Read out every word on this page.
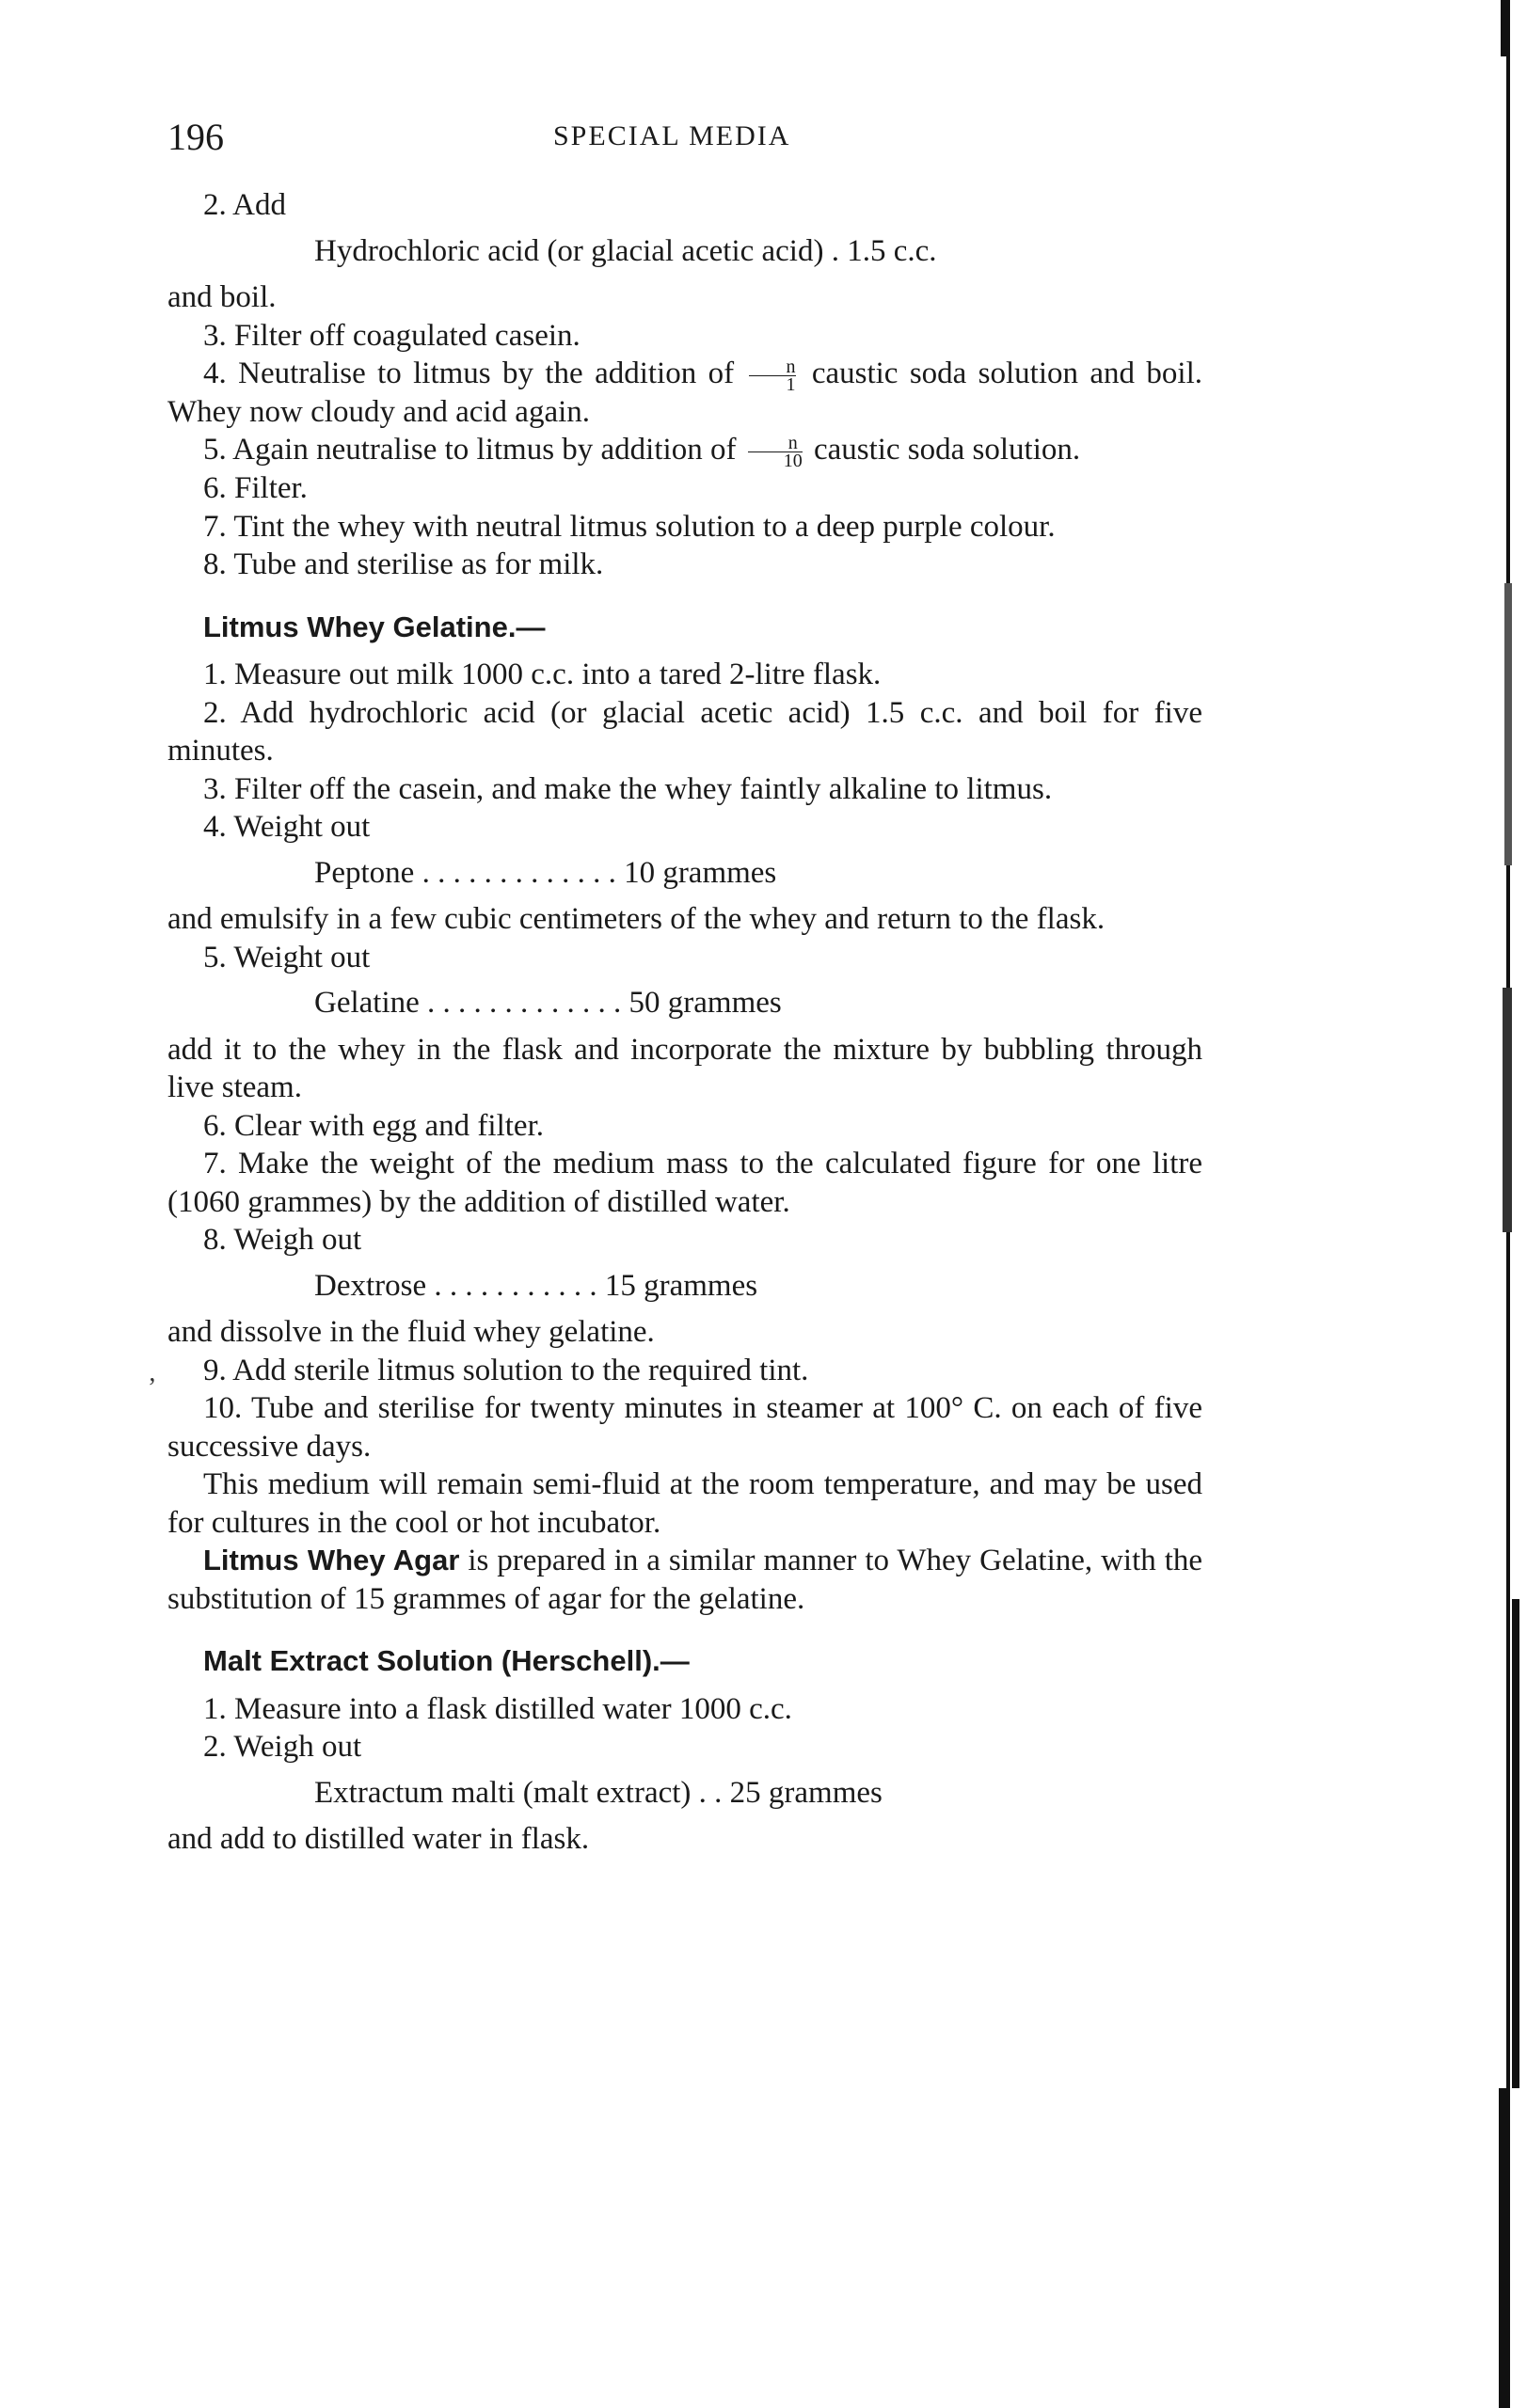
196	SPECIAL MEDIA

2. Add

Hydrochloric acid (or glacial acetic acid) . 1.5 c.c.

and boil.

3. Filter off coagulated casein.

4. Neutralise to litmus by the addition of $\frac{n}{1}$ caustic soda solution and boil. Whey now cloudy and acid again.

5. Again neutralise to litmus by addition of $\frac{n}{10}$ caustic soda solution.

6. Filter.

7. Tint the whey with neutral litmus solution to a deep purple colour.

8. Tube and sterilise as for milk.

Litmus Whey Gelatine.—

1. Measure out milk 1000 c.c. into a tared 2-litre flask.

2. Add hydrochloric acid (or glacial acetic acid) 1.5 c.c. and boil for five minutes.

3. Filter off the casein, and make the whey faintly alkaline to litmus.

4. Weight out

Peptone . . . . . . . . . . . . . 10 grammes

and emulsify in a few cubic centimeters of the whey and return to the flask.

5. Weight out

Gelatine . . . . . . . . . . . . . 50 grammes

add it to the whey in the flask and incorporate the mixture by bubbling through live steam.

6. Clear with egg and filter.

7. Make the weight of the medium mass to the calculated figure for one litre (1060 grammes) by the addition of distilled water.

8. Weigh out

Dextrose . . . . . . . . . . . 15 grammes

and dissolve in the fluid whey gelatine.

9. Add sterile litmus solution to the required tint.

10. Tube and sterilise for twenty minutes in steamer at 100° C. on each of five successive days.

This medium will remain semi-fluid at the room temperature, and may be used for cultures in the cool or hot incubator.

Litmus Whey Agar is prepared in a similar manner to Whey Gelatine, with the substitution of 15 grammes of agar for the gelatine.

Malt Extract Solution (Herschell).—

1. Measure into a flask distilled water 1000 c.c.

2. Weigh out

Extractum malti (malt extract) . . 25 grammes

and add to distilled water in flask.

ʼ
